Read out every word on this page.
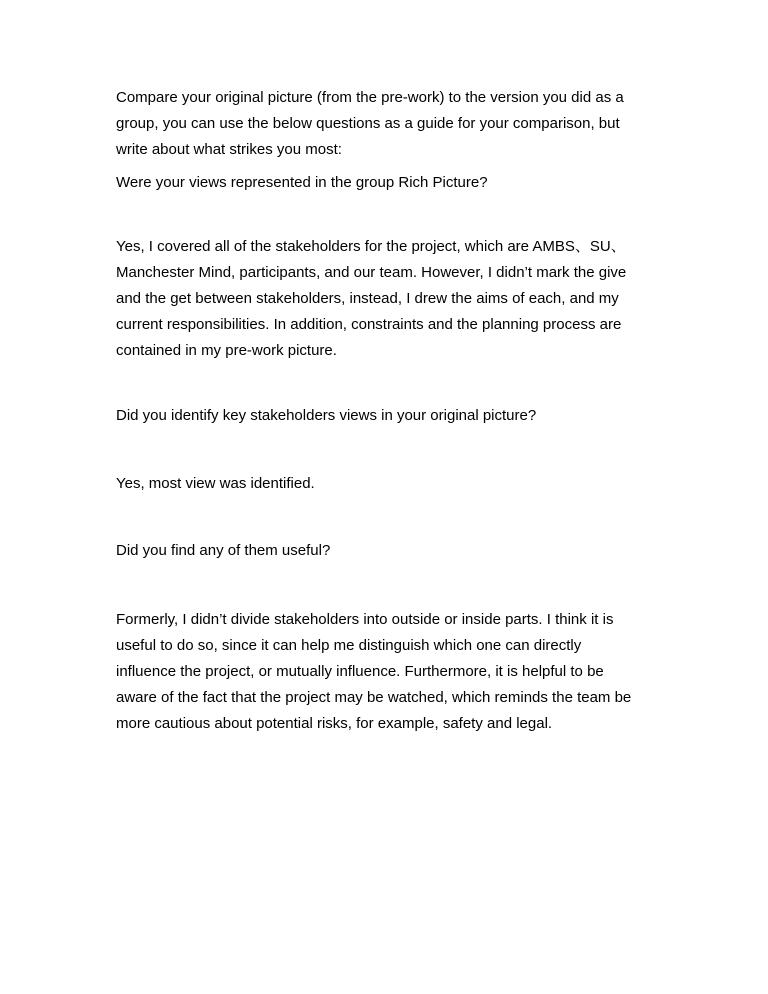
Compare your original picture (from the pre-work) to the version you did as a
group, you can use the below questions as a guide for your comparison, but
write about what strikes you most:
Were your views represented in the group Rich Picture?
Yes, I covered all of the stakeholders for the project, which are AMBS、SU、
Manchester Mind, participants, and our team. However, I didn’t mark the give
and the get between stakeholders, instead, I drew the aims of each, and my
current responsibilities. In addition, constraints and the planning process are
contained in my pre-work picture.
Did you identify key stakeholders views in your original picture?
Yes, most view was identified.
Did you find any of them useful?
Formerly, I didn’t divide stakeholders into outside or inside parts. I think it is
useful to do so, since it can help me distinguish which one can directly
influence the project, or mutually influence. Furthermore, it is helpful to be
aware of the fact that the project may be watched, which reminds the team be
more cautious about potential risks, for example, safety and legal.
